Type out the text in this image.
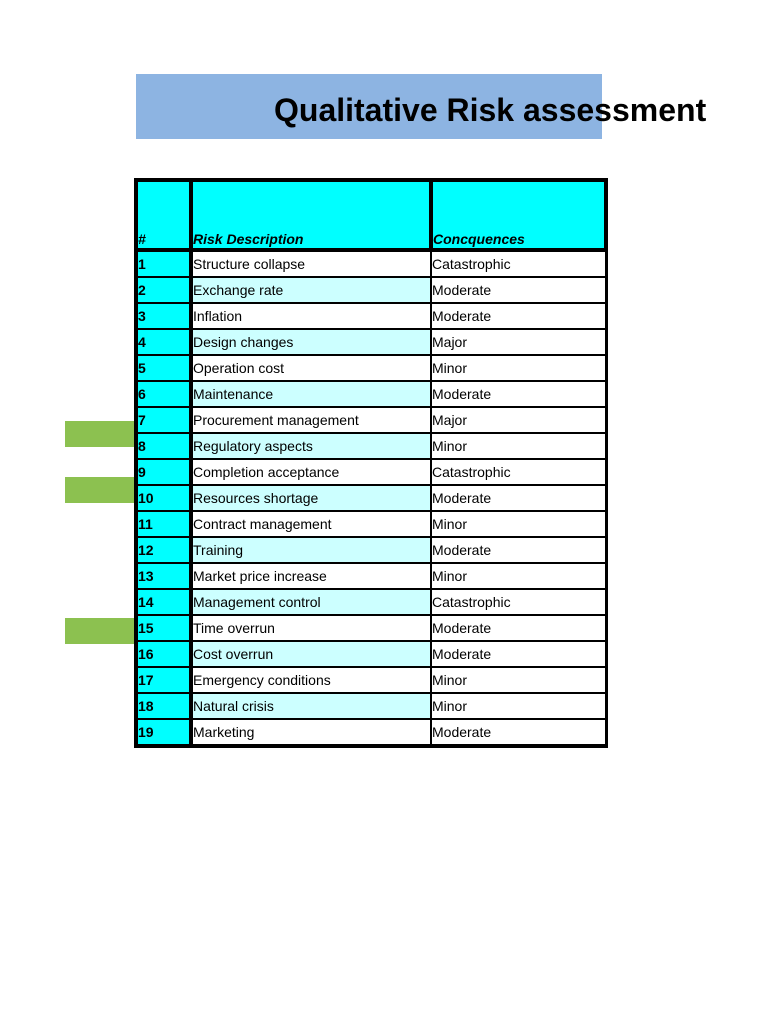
Qualitative Risk assessment
#	Risk Description	Concquences
1	Structure collapse	Catastrophic
2	Exchange rate	Moderate
3	Inflation	Moderate
4	Design changes	Major
5	Operation cost	Minor
6	Maintenance	Moderate
7	Procurement management	Major
8	Regulatory aspects	Minor
9	Completion acceptance	Catastrophic
10	Resources shortage	Moderate
11	Contract management	Minor
12	Training	Moderate
13	Market price increase	Minor
14	Management control	Catastrophic
15	Time overrun	Moderate
16	Cost overrun	Moderate
17	Emergency conditions	Minor
18	Natural crisis	Minor
19	Marketing	Moderate
